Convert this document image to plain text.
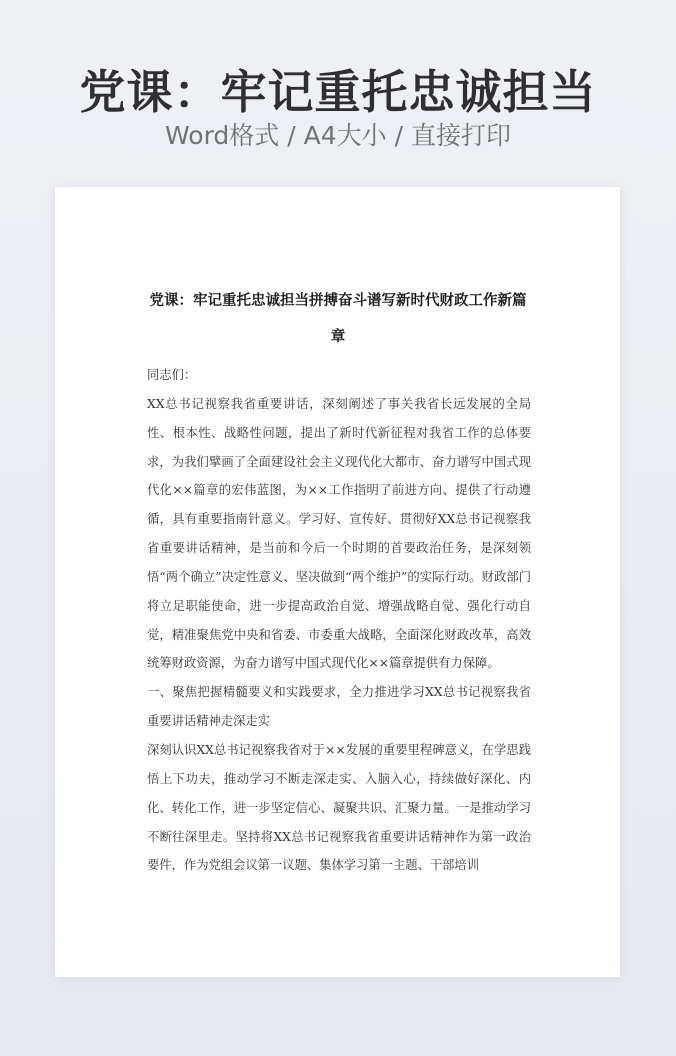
党课：牢记重托忠诚担当
Word格式 / A4大小 / 直接打印
党课：牢记重托忠诚担当拼搏奋斗谱写新时代财政工作新篇章

同志们：

XX总书记视察我省重要讲话，深刻阐述了事关我省长远发展的全局性、根本性、战略性问题，提出了新时代新征程对我省工作的总体要求，为我们擘画了全面建设社会主义现代化大都市、奋力谱写中国式现代化××篇章的宏伟蓝图，为××工作指明了前进方向、提供了行动遵循，具有重要指南针意义。学习好、宣传好、贯彻好XX总书记视察我省重要讲话精神，是当前和今后一个时期的首要政治任务，是深刻领悟“两个确立”决定性意义、坚决做到“两个维护”的实际行动。财政部门将立足职能使命，进一步提高政治自觉、增强战略自觉、强化行动自觉，精准聚焦党中央和省委、市委重大战略，全面深化财政改革，高效统筹财政资源，为奋力谱写中国式现代化××篇章提供有力保障。

一、聚焦把握精髓要义和实践要求，全力推进学习XX总书记视察我省重要讲话精神走深走实

深刻认识XX总书记视察我省对于××发展的重要里程碑意义，在学思践悟上下功夫，推动学习不断走深走实、入脑入心，持续做好深化、内化、转化工作，进一步坚定信心、凝聚共识、汇聚力量。一是推动学习不断往深里走。坚持将XX总书记视察我省重要讲话精神作为第一政治要件，作为党组会议第一议题、集体学习第一主题、干部培训
